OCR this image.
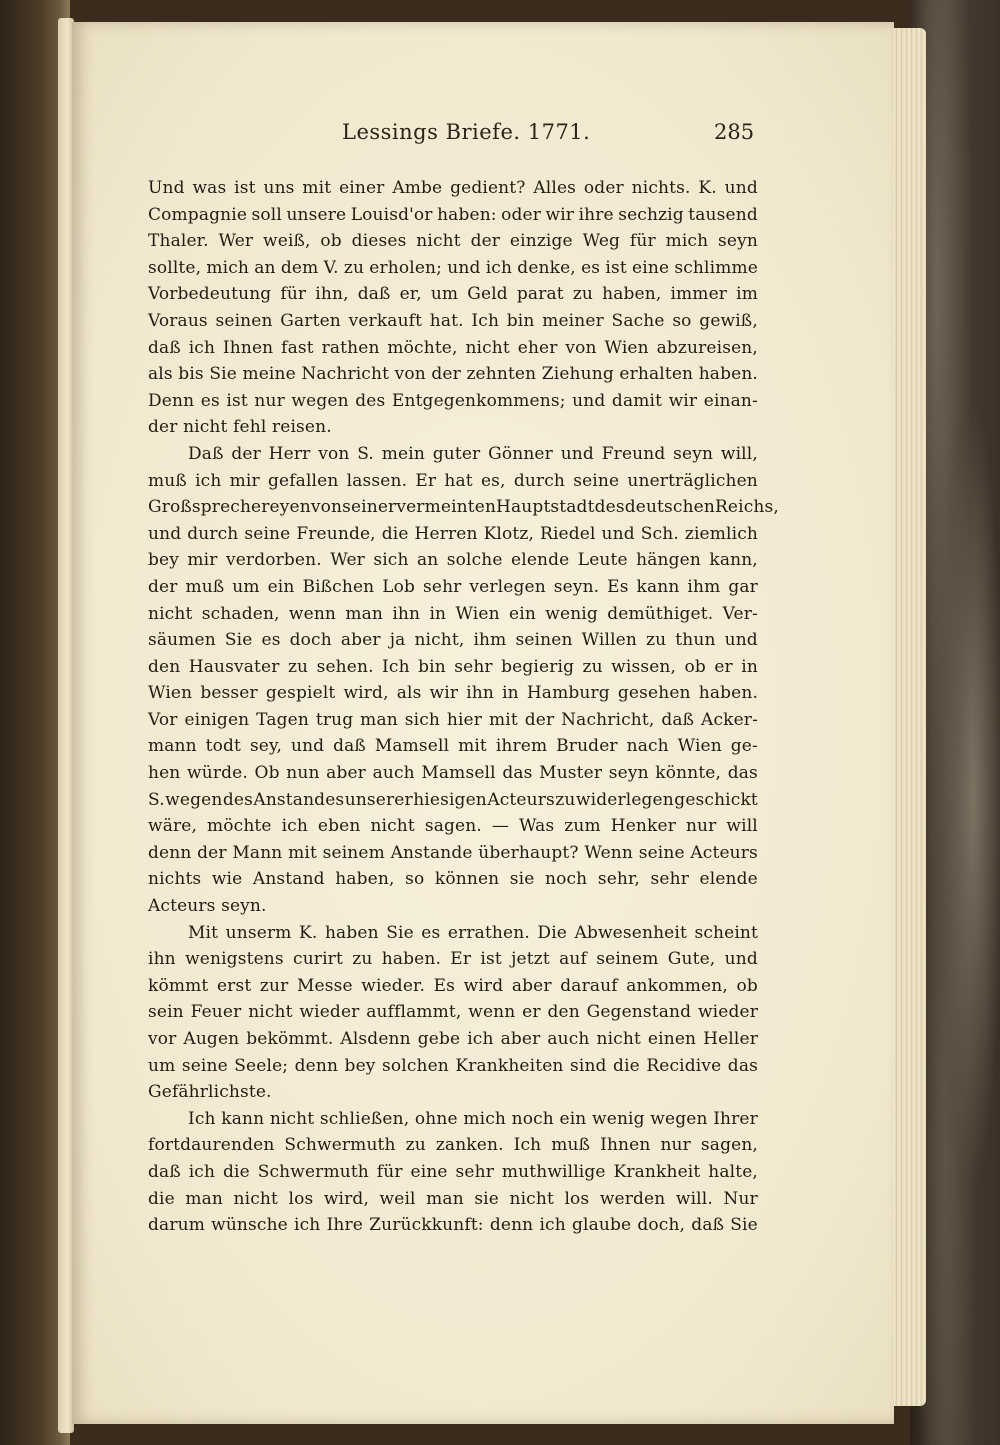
Lessings Briefe. 1771.	285
Und was ist uns mit einer Ambe gedient? Alles oder nichts. K. und
Compagnie soll unsere Louisd'or haben: oder wir ihre sechzig tausend
Thaler. Wer weiß, ob dieses nicht der einzige Weg für mich seyn
sollte, mich an dem V. zu erholen; und ich denke, es ist eine schlimme
Vorbedeutung für ihn, daß er, um Geld parat zu haben, immer im
Voraus seinen Garten verkauft hat. Ich bin meiner Sache so gewiß,
daß ich Ihnen fast rathen möchte, nicht eher von Wien abzureisen,
als bis Sie meine Nachricht von der zehnten Ziehung erhalten haben.
Denn es ist nur wegen des Entgegenkommens; und damit wir einan-
der nicht fehl reisen.
Daß der Herr von S. mein guter Gönner und Freund seyn will,
muß ich mir gefallen lassen. Er hat es, durch seine unerträglichen
Großsprechereyen von seiner vermeinten Hauptstadt des deutschen Reichs,
und durch seine Freunde, die Herren Klotz, Riedel und Sch. ziemlich
bey mir verdorben. Wer sich an solche elende Leute hängen kann,
der muß um ein Bißchen Lob sehr verlegen seyn. Es kann ihm gar
nicht schaden, wenn man ihn in Wien ein wenig demüthiget. Ver-
säumen Sie es doch aber ja nicht, ihm seinen Willen zu thun und
den Hausvater zu sehen. Ich bin sehr begierig zu wissen, ob er in
Wien besser gespielt wird, als wir ihn in Hamburg gesehen haben.
Vor einigen Tagen trug man sich hier mit der Nachricht, daß Acker-
mann todt sey, und daß Mamsell mit ihrem Bruder nach Wien ge-
hen würde. Ob nun aber auch Mamsell das Muster seyn könnte, das
S. wegen des Anstandes unserer hiesigen Acteurs zu widerlegen geschickt
wäre, möchte ich eben nicht sagen. — Was zum Henker nur will
denn der Mann mit seinem Anstande überhaupt? Wenn seine Acteurs
nichts wie Anstand haben, so können sie noch sehr, sehr elende
Acteurs seyn.
Mit unserm K. haben Sie es errathen. Die Abwesenheit scheint
ihn wenigstens curirt zu haben. Er ist jetzt auf seinem Gute, und
kömmt erst zur Messe wieder. Es wird aber darauf ankommen, ob
sein Feuer nicht wieder aufflammt, wenn er den Gegenstand wieder
vor Augen bekömmt. Alsdenn gebe ich aber auch nicht einen Heller
um seine Seele; denn bey solchen Krankheiten sind die Recidive das
Gefährlichste.
Ich kann nicht schließen, ohne mich noch ein wenig wegen Ihrer
fortdaurenden Schwermuth zu zanken. Ich muß Ihnen nur sagen,
daß ich die Schwermuth für eine sehr muthwillige Krankheit halte,
die man nicht los wird, weil man sie nicht los werden will. Nur
darum wünsche ich Ihre Zurückkunft: denn ich glaube doch, daß Sie
